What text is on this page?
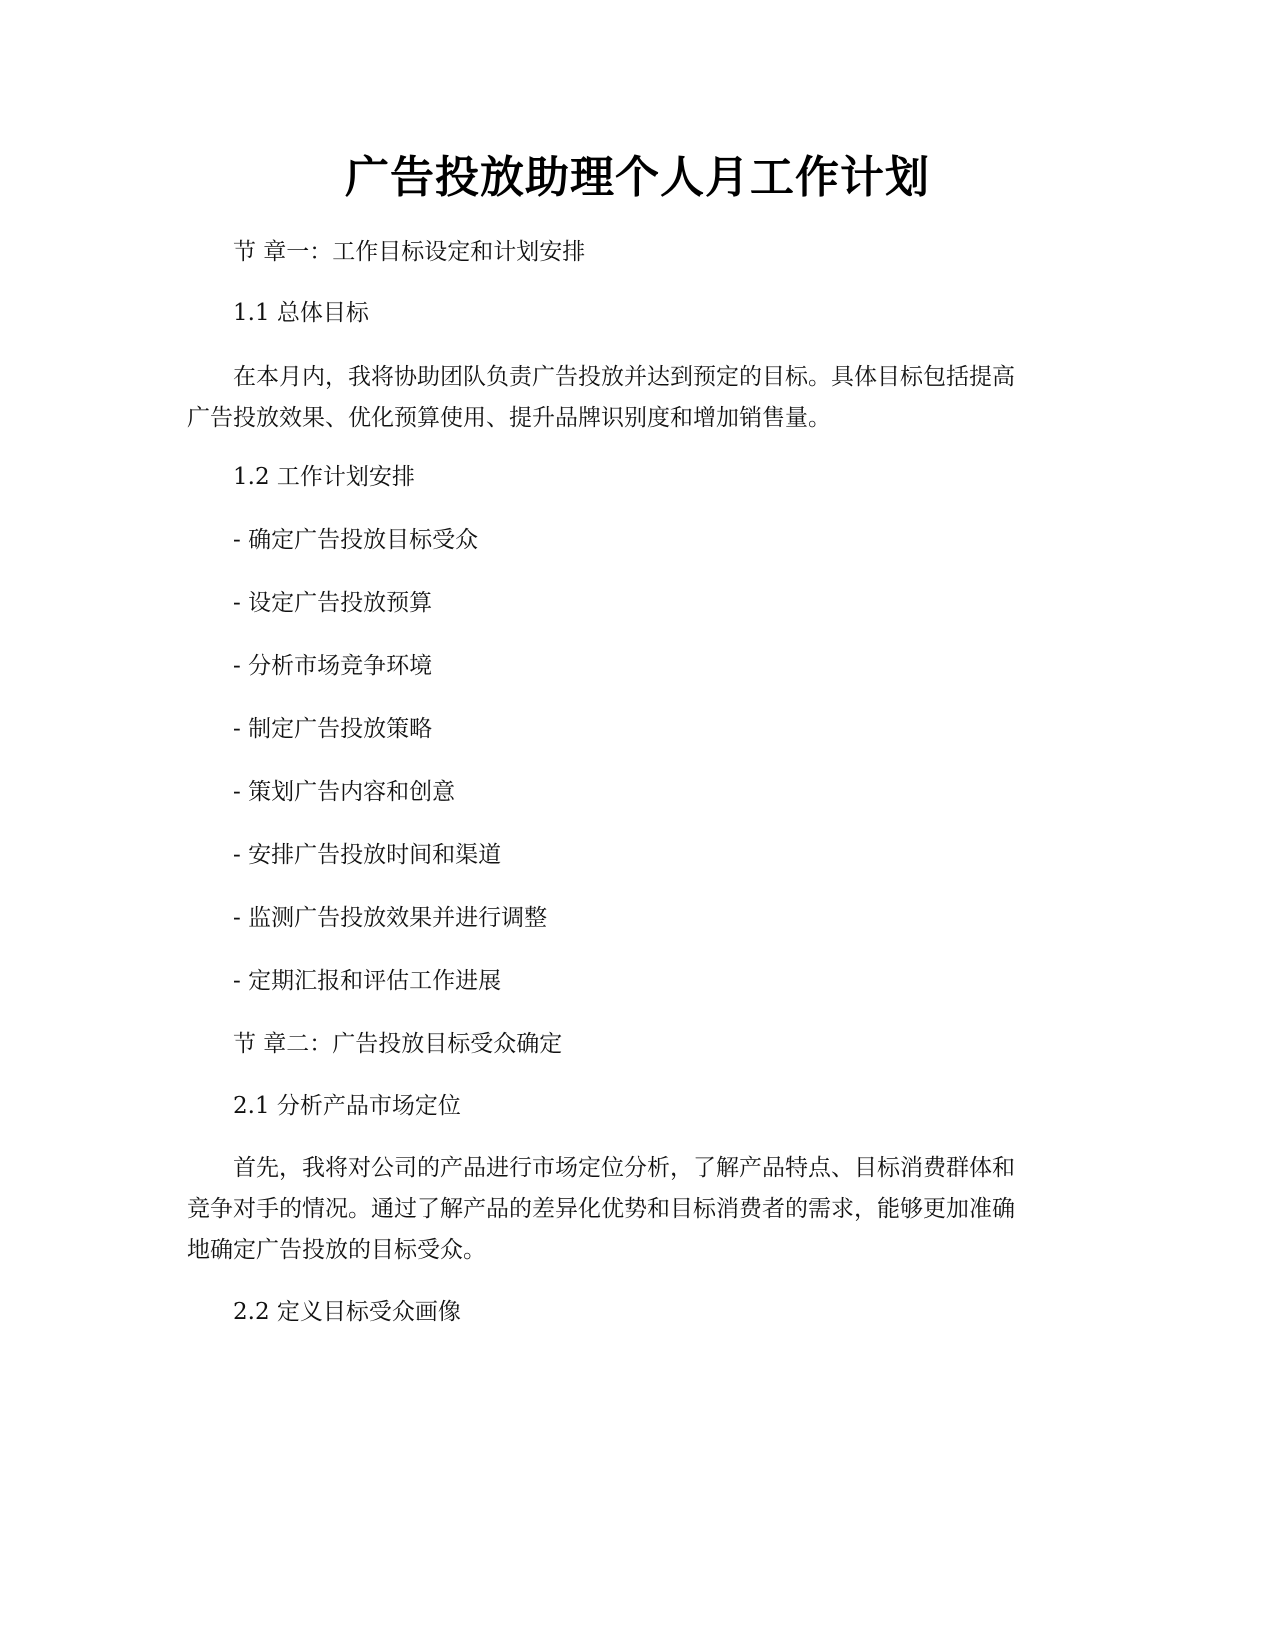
广告投放助理个人月工作计划
节 章一：工作目标设定和计划安排
1.1 总体目标
在本月内，我将协助团队负责广告投放并达到预定的目标。具体目标包括提高
广告投放效果、优化预算使用、提升品牌识别度和增加销售量。
1.2 工作计划安排
- 确定广告投放目标受众
- 设定广告投放预算
- 分析市场竞争环境
- 制定广告投放策略
- 策划广告内容和创意
- 安排广告投放时间和渠道
- 监测广告投放效果并进行调整
- 定期汇报和评估工作进展
节 章二：广告投放目标受众确定
2.1 分析产品市场定位
首先，我将对公司的产品进行市场定位分析，了解产品特点、目标消费群体和
竞争对手的情况。通过了解产品的差异化优势和目标消费者的需求，能够更加准确
地确定广告投放的目标受众。
2.2 定义目标受众画像
